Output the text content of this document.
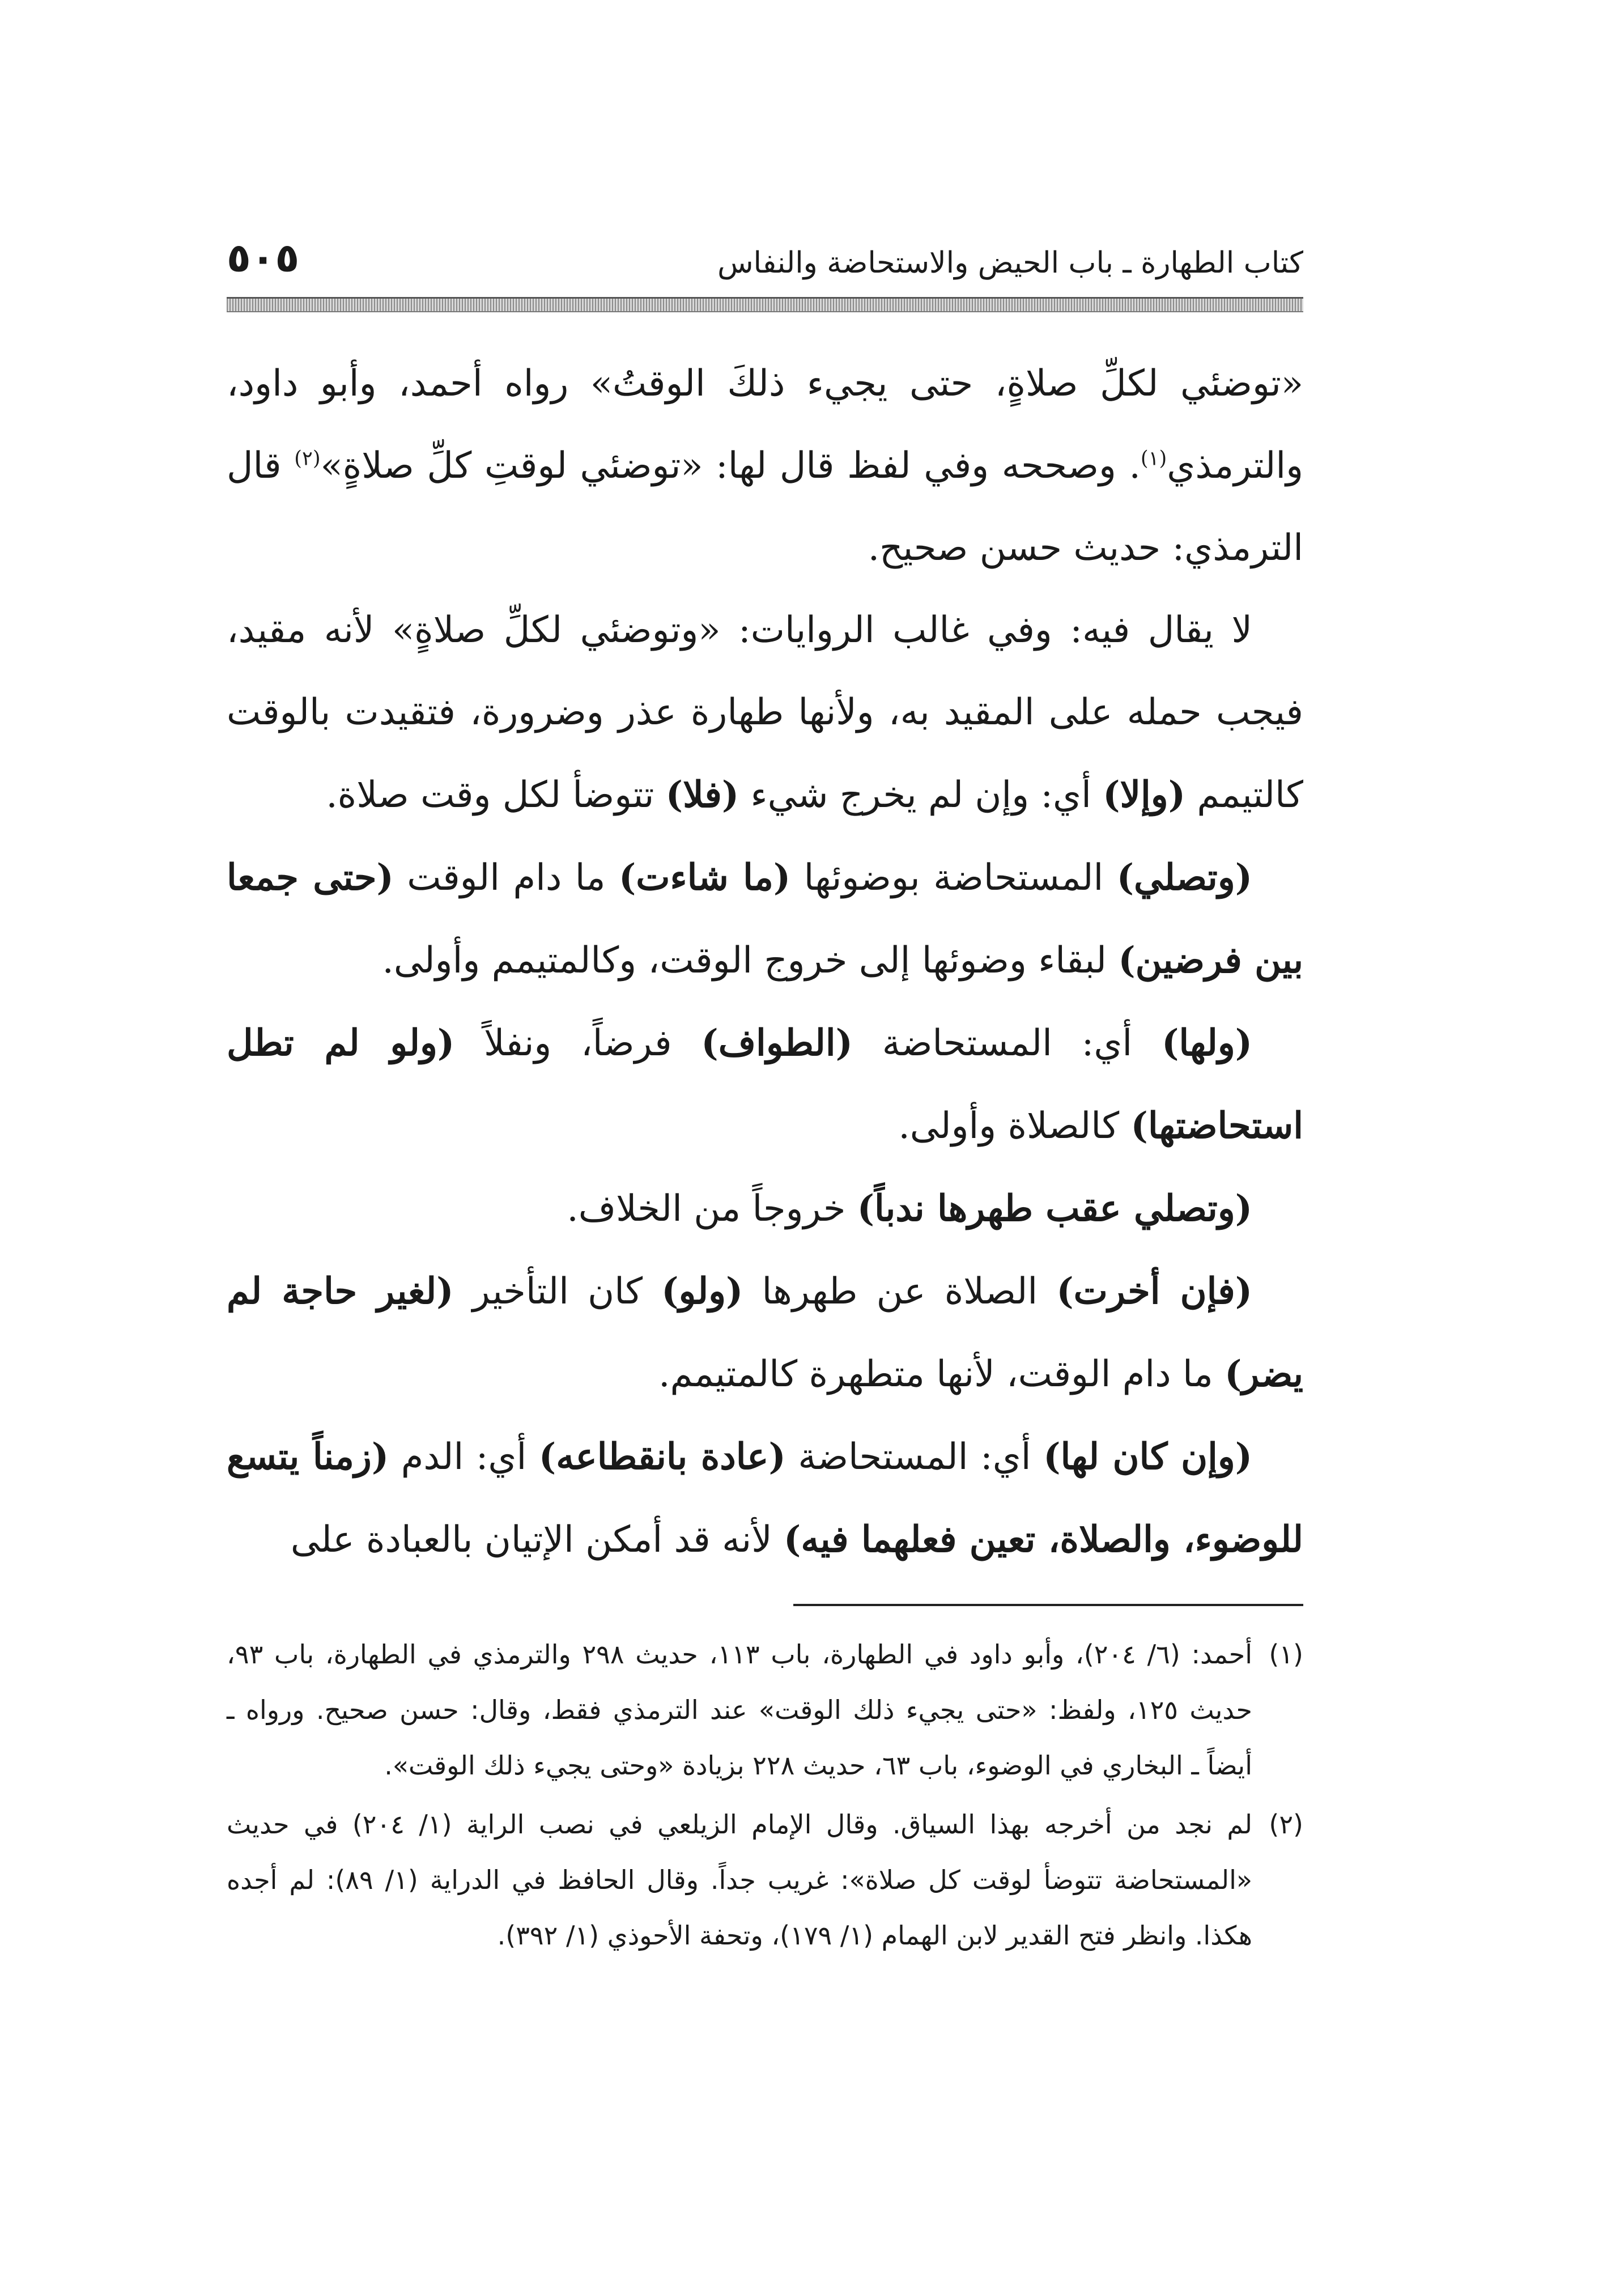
كتاب الطهارة ـ باب الحيض والاستحاضة والنفاس
٥٠٥

«توضئي لكلِّ صلاةٍ، حتى يجيء ذلكَ الوقتُ» رواه أحمد، وأبو داود، والترمذي$^{(١)}$. وصححه وفي لفظ قال لها: «توضئي لوقتِ كلِّ صلاةٍ»$^{(٢)}$ قال الترمذي: حديث حسن صحيح.

لا يقال فيه: وفي غالب الروايات: «وتوضئي لكلِّ صلاةٍ» لأنه مقيد، فيجب حمله على المقيد به، ولأنها طهارة عذر وضرورة، فتقيدت بالوقت كالتيمم (وإلا) أي: وإن لم يخرج شيء (فلا) تتوضأ لكل وقت صلاة.

(وتصلي) المستحاضة بوضوئها (ما شاءت) ما دام الوقت (حتى جمعا بين فرضين) لبقاء وضوئها إلى خروج الوقت، وكالمتيمم وأولى.

(ولها) أي: المستحاضة (الطواف) فرضاً، ونفلاً (ولو لم تطل استحاضتها) كالصلاة وأولى.

(وتصلي عقب طهرها ندباً) خروجاً من الخلاف.

(فإن أخرت) الصلاة عن طهرها (ولو) كان التأخير (لغير حاجة لم يضر) ما دام الوقت، لأنها متطهرة كالمتيمم.

(وإن كان لها) أي: المستحاضة (عادة بانقطاعه) أي: الدم (زمناً يتسع للوضوء، والصلاة، تعين فعلهما فيه) لأنه قد أمكن الإتيان بالعبادة على

(١)
أحمد: (٦/ ٢٠٤)، وأبو داود في الطهارة، باب ١١٣، حديث ٢٩٨ والترمذي في الطهارة، باب ٩٣، حديث ١٢٥، ولفظ: «حتى يجيء ذلك الوقت» عند الترمذي فقط، وقال: حسن صحيح. ورواه ـ أيضاً ـ البخاري في الوضوء، باب ٦٣، حديث ٢٢٨ بزيادة «وحتى يجيء ذلك الوقت».
(٢)
لم نجد من أخرجه بهذا السياق. وقال الإمام الزيلعي في نصب الراية (١/ ٢٠٤) في حديث «المستحاضة تتوضأ لوقت كل صلاة»: غريب جداً. وقال الحافظ في الدراية (١/ ٨٩): لم أجده هكذا. وانظر فتح القدير لابن الهمام (١/ ١٧٩)، وتحفة الأحوذي (١/ ٣٩٢).
